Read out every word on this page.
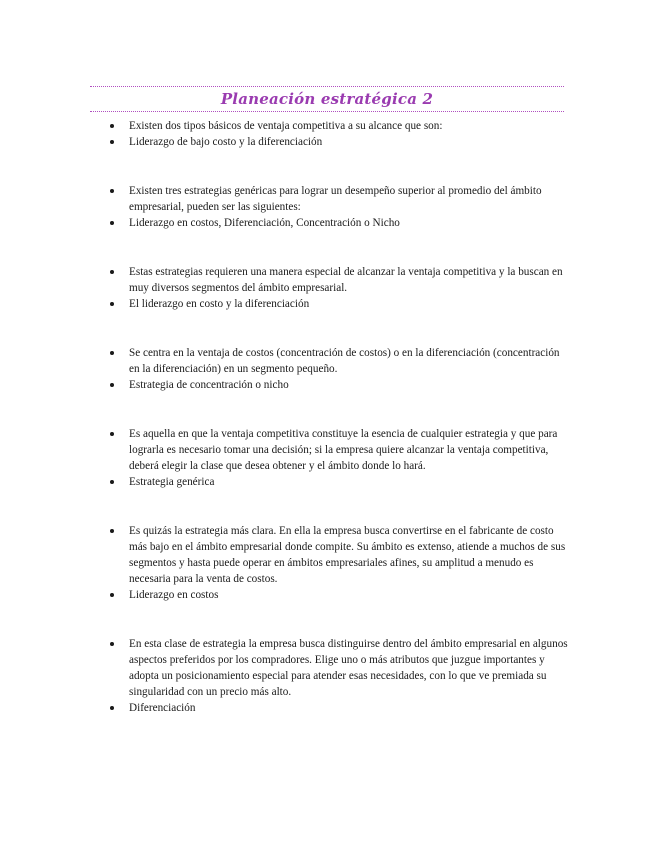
Planeación estratégica 2
Existen dos tipos básicos de ventaja competitiva a su alcance que son:
Liderazgo de bajo costo y la diferenciación
Existen tres estrategias genéricas para lograr un desempeño superior al promedio del ámbito empresarial, pueden ser las siguientes:
Liderazgo en costos, Diferenciación, Concentración o Nicho
Estas estrategias requieren una manera especial de alcanzar la ventaja competitiva y la buscan en muy diversos segmentos del ámbito empresarial.
El liderazgo en costo y la diferenciación
Se centra en la ventaja de costos (concentración de costos) o en la diferenciación (concentración en la diferenciación) en un segmento pequeño.
Estrategia de concentración o nicho
Es aquella en que la ventaja competitiva constituye la esencia de cualquier estrategia y que para lograrla es necesario tomar una decisión; si la empresa quiere alcanzar la ventaja competitiva, deberá elegir la clase que desea obtener y el ámbito donde lo hará.
Estrategia genérica
Es quizás la estrategia más clara. En ella la empresa busca convertirse en el fabricante de costo más bajo en el ámbito empresarial donde compite. Su ámbito es extenso, atiende a muchos de sus segmentos y hasta puede operar en ámbitos empresariales afines, su amplitud a menudo es necesaria para la venta de costos.
Liderazgo en costos
En esta clase de estrategia la empresa busca distinguirse dentro del ámbito empresarial en algunos aspectos preferidos por los compradores. Elige uno o más atributos que juzgue importantes y adopta un posicionamiento especial para atender esas necesidades, con lo que ve premiada su singularidad con un precio más alto.
Diferenciación
